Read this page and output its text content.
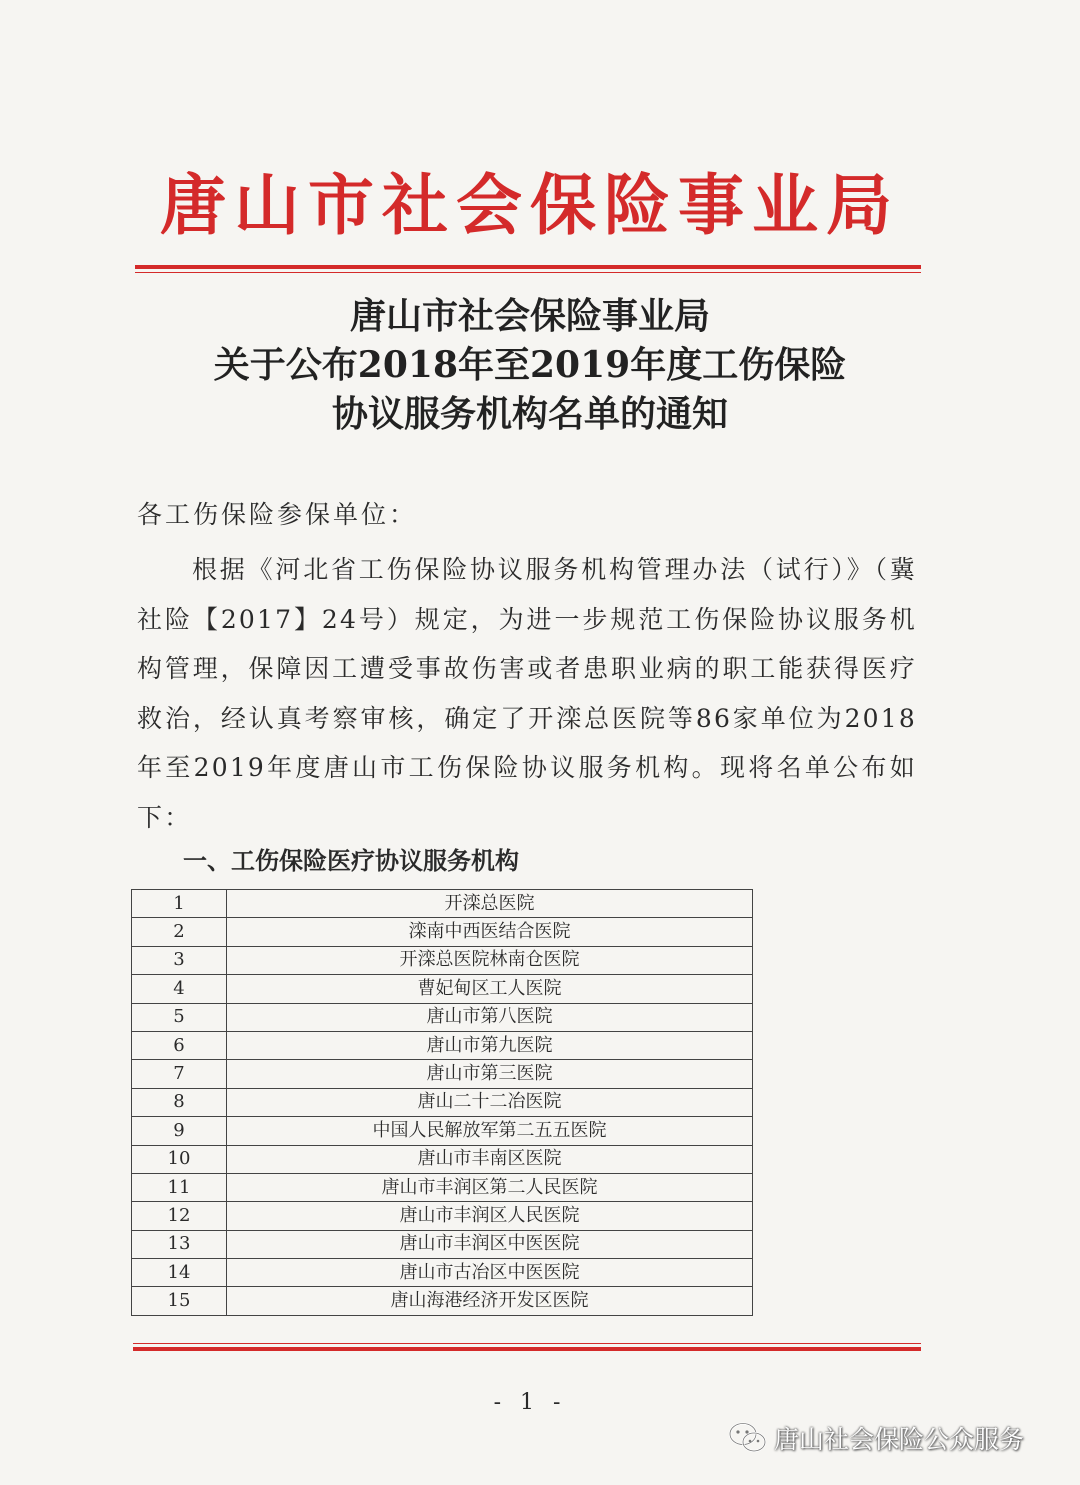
唐山市社会保险事业局
唐山市社会保险事业局
关于公布2018年至2019年度工伤保险
协议服务机构名单的通知
各工伤保险参保单位：
根据《河北省工伤保险协议服务机构管理办法（试行）》（冀社险【2017】24号）规定，为进一步规范工伤保险协议服务机构管理，保障因工遭受事故伤害或者患职业病的职工能获得医疗救治，经认真考察审核，确定了开滦总医院等86家单位为2018年至2019年度唐山市工伤保险协议服务机构。现将名单公布如下：
一、工伤保险医疗协议服务机构
1	开滦总医院
2	滦南中西医结合医院
3	开滦总医院林南仓医院
4	曹妃甸区工人医院
5	唐山市第八医院
6	唐山市第九医院
7	唐山市第三医院
8	唐山二十二冶医院
9	中国人民解放军第二五五医院
10	唐山市丰南区医院
11	唐山市丰润区第二人民医院
12	唐山市丰润区人民医院
13	唐山市丰润区中医医院
14	唐山市古冶区中医医院
15	唐山海港经济开发区医院
- 1 -
唐山社会保险公众服务
